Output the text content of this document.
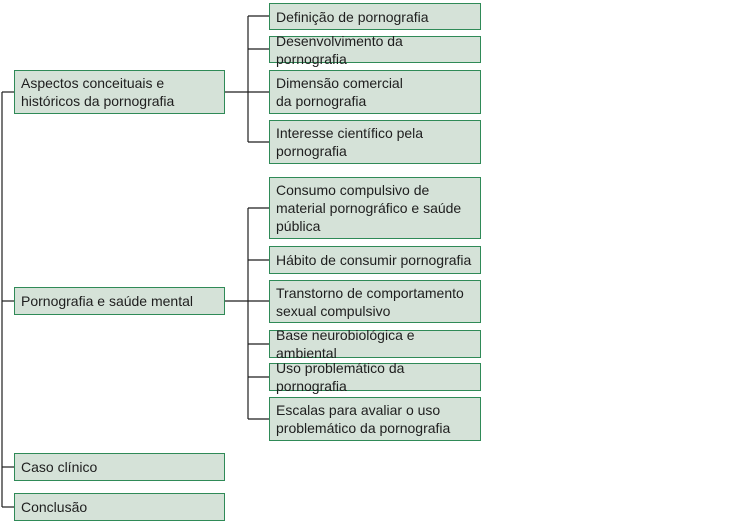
Aspectos conceituais e
históricos da pornografia
Pornografia e saúde mental
Caso clínico
Conclusão
Definição de pornografia
Desenvolvimento da pornografia
Dimensão comercial
da pornografia
Interesse científico pela
pornografia
Consumo compulsivo de
material pornográfico e saúde
pública
Hábito de consumir pornografia
Transtorno de comportamento
sexual compulsivo
Base neurobiológica e ambiental
Uso problemático da pornografia
Escalas para avaliar o uso
problemático da pornografia
